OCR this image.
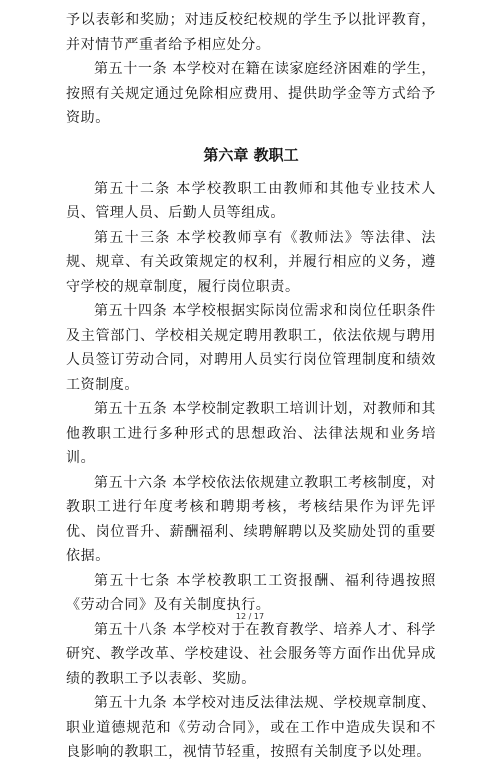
予以表彰和奖励；对违反校纪校规的学生予以批评教育，并对情节严重者给予相应处分。

第五十一条 本学校对在籍在读家庭经济困难的学生，按照有关规定通过免除相应费用、提供助学金等方式给予资助。

第六章 教职工

第五十二条 本学校教职工由教师和其他专业技术人员、管理人员、后勤人员等组成。

第五十三条 本学校教师享有《教师法》等法律、法规、规章、有关政策规定的权利，并履行相应的义务，遵守学校的规章制度，履行岗位职责。

第五十四条 本学校根据实际岗位需求和岗位任职条件及主管部门、学校相关规定聘用教职工，依法依规与聘用人员签订劳动合同，对聘用人员实行岗位管理制度和绩效工资制度。

第五十五条 本学校制定教职工培训计划，对教师和其他教职工进行多种形式的思想政治、法律法规和业务培训。

第五十六条 本学校依法依规建立教职工考核制度，对教职工进行年度考核和聘期考核，考核结果作为评先评优、岗位晋升、薪酬福利、续聘解聘以及奖励处罚的重要依据。

第五十七条 本学校教职工工资报酬、福利待遇按照《劳动合同》及有关制度执行。

第五十八条 本学校对于在教育教学、培养人才、科学研究、教学改革、学校建设、社会服务等方面作出优异成绩的教职工予以表彰、奖励。

第五十九条 本学校对违反法律法规、学校规章制度、职业道德规范和《劳动合同》，或在工作中造成失误和不良影响的教职工，视情节轻重，按照有关制度予以处理。

12 / 17
